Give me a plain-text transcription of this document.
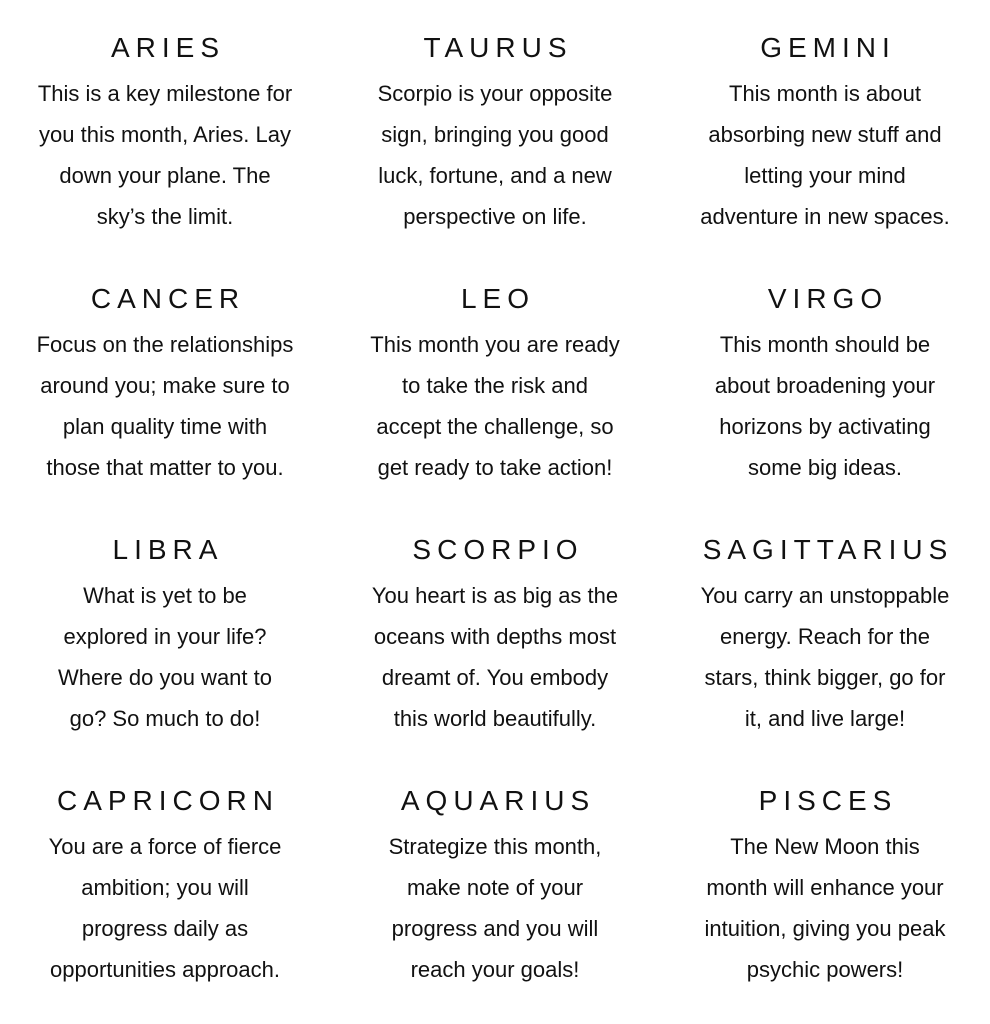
ARIES

This is a key milestone for
you this month, Aries. Lay
down your plane. The
sky’s the limit.

TAURUS

Scorpio is your opposite
sign, bringing you good
luck, fortune, and a new
perspective on life.

GEMINI

This month is about
absorbing new stuff and
letting your mind
adventure in new spaces.

CANCER

Focus on the relationships
around you; make sure to
plan quality time with
those that matter to you.

LEO

This month you are ready
to take the risk and
accept the challenge, so
get ready to take action!

VIRGO

This month should be
about broadening your
horizons by activating
some big ideas.

LIBRA

What is yet to be
explored in your life?
Where do you want to
go? So much to do!

SCORPIO

You heart is as big as the
oceans with depths most
dreamt of. You embody
this world beautifully.

SAGITTARIUS

You carry an unstoppable
energy. Reach for the
stars, think bigger, go for
it, and live large!

CAPRICORN

You are a force of fierce
ambition; you will
progress daily as
opportunities approach.

AQUARIUS

Strategize this month,
make note of your
progress and you will
reach your goals!

PISCES

The New Moon this
month will enhance your
intuition, giving you peak
psychic powers!
